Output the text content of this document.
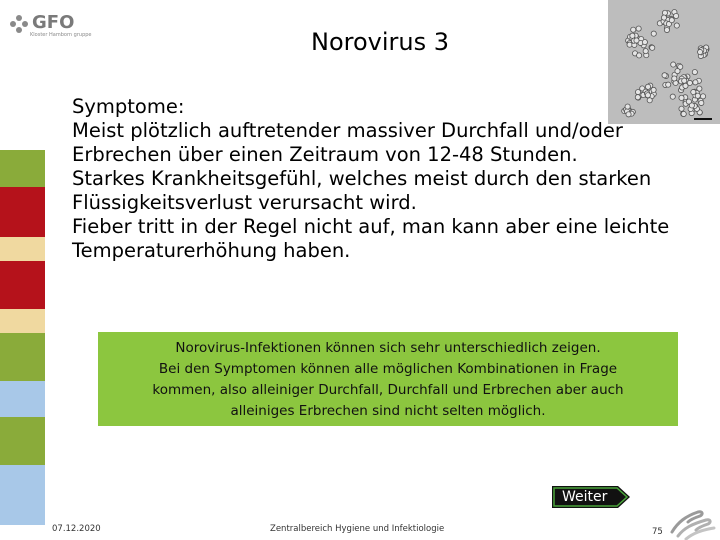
GFO
Kloster Hamborn gruppe	Norovirus 3

Symptome:

Meist plötzlich auftretender massiver Durchfall und/oder
Erbrechen über einen Zeitraum von 12-48 Stunden.
Starkes Krankheitsgefühl, welches meist durch den starken
Flüssigkeitsverlust verursacht wird.
Fieber tritt in der Regel nicht auf, man kann aber eine leichte
Temperaturerhöhung haben.
Norovirus-Infektionen können sich sehr unterschiedlich zeigen.
Bei den Symptomen können alle möglichen Kombinationen in Frage
kommen, also alleiniger Durchfall, Durchfall und Erbrechen aber auch
alleiniges Erbrechen sind nicht selten möglich.
Weiter
07.12.2020	Zentralbereich Hygiene und Infektiologie	75
